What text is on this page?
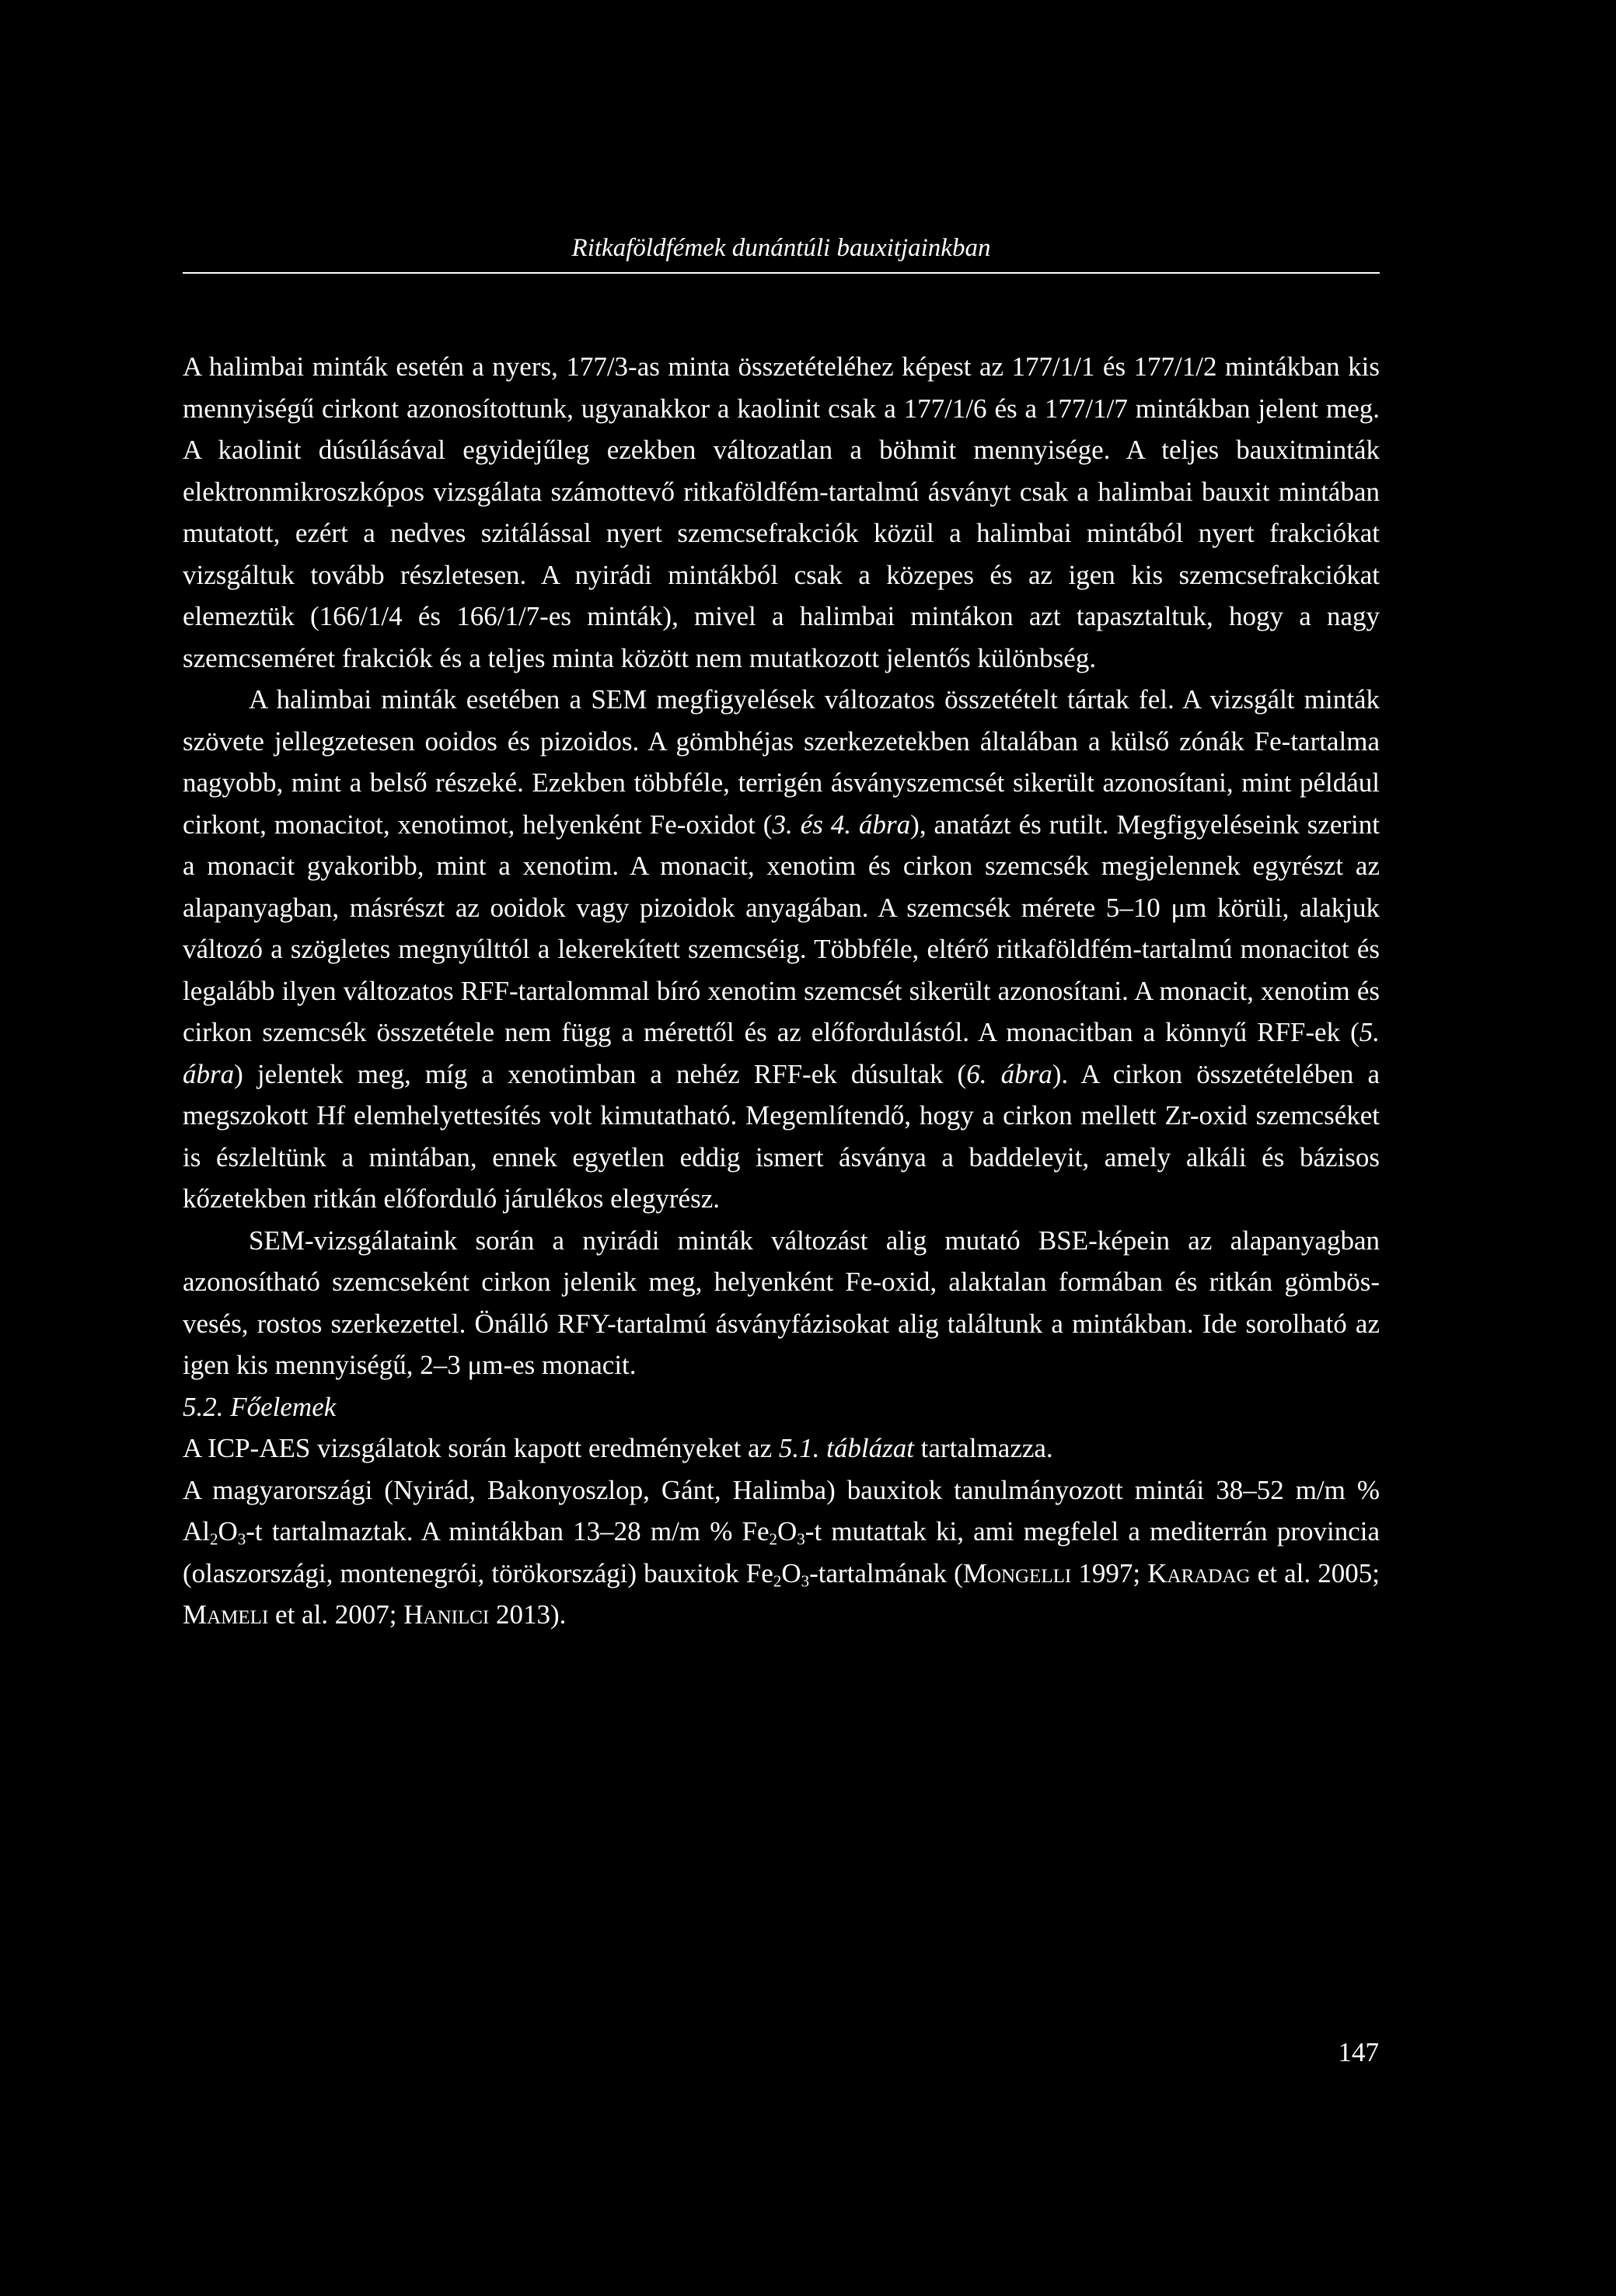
Ritkaföldfémek dunántúli bauxitjainkban

A halimbai minták esetén a nyers, 177/3-as minta összetételéhez képest az 177/1/1 és 177/1/2 mintákban kis mennyiségű cirkont azonosítottunk, ugyanakkor a kaolinit csak a 177/1/6 és a 177/1/7 mintákban jelent meg. A kaolinit dúsúlásával egyidejűleg ezekben változatlan a böhmit mennyisége. A teljes bauxitminták elektronmikroszkópos vizsgálata számottevő ritkaföldfém-tartalmú ásványt csak a halimbai bauxit mintában mutatott, ezért a nedves szitálással nyert szemcsefrakciók közül a halimbai mintából nyert frakciókat vizsgáltuk tovább részletesen. A nyirádi mintákból csak a közepes és az igen kis szemcsefrakciókat elemeztük (166/1/4 és 166/1/7-es minták), mivel a halimbai mintákon azt tapasztaltuk, hogy a nagy szemcseméret frakciók és a teljes minta között nem mutatkozott jelentős különbség.

A halimbai minták esetében a SEM megfigyelések változatos összetételt tártak fel. A vizsgált minták szövete jellegzetesen ooidos és pizoidos. A gömbhéjas szerkezetekben általában a külső zónák Fe-tartalma nagyobb, mint a belső részeké. Ezekben többféle, terrigén ásványszemcsét sikerült azonosítani, mint például cirkont, monacitot, xenotimot, helyenként Fe-oxidot (3. és 4. ábra), anatázt és rutilt. Megfigyeléseink szerint a monacit gyakoribb, mint a xenotim. A monacit, xenotim és cirkon szemcsék megjelennek egyrészt az alapanyagban, másrészt az ooidok vagy pizoidok anyagában. A szemcsék mérete 5–10 μm körüli, alakjuk változó a szögletes megnyúlttól a lekerekített szemcséig. Többféle, eltérő ritkaföldfém-tartalmú monacitot és legalább ilyen változatos RFF-tartalommal bíró xenotim szemcsét sikerült azonosítani. A monacit, xenotim és cirkon szemcsék összetétele nem függ a mérettől és az előfordulástól. A monacitban a könnyű RFF-ek (5. ábra) jelentek meg, míg a xenotimban a nehéz RFF-ek dúsultak (6. ábra). A cirkon összetételében a megszokott Hf elemhelyettesítés volt kimutatható. Megemlítendő, hogy a cirkon mellett Zr-oxid szemcséket is észleltünk a mintában, ennek egyetlen eddig ismert ásványa a baddeleyit, amely alkáli és bázisos kőzetekben ritkán előforduló járulékos elegyrész.

SEM-vizsgálataink során a nyirádi minták változást alig mutató BSE-képein az alapanyagban azonosítható szemcseként cirkon jelenik meg, helyenként Fe-oxid, alaktalan formában és ritkán gömbös-vesés, rostos szerkezettel. Önálló RFY-tartalmú ásványfázisokat alig találtunk a mintákban. Ide sorolható az igen kis mennyiségű, 2–3 μm-es monacit.

5.2. Főelemek

A ICP-AES vizsgálatok során kapott eredményeket az 5.1. táblázat tartalmazza.

A magyarországi (Nyirád, Bakonyoszlop, Gánt, Halimba) bauxitok tanulmányozott mintái 38–52 m/m % $Al_2O_3-t$ tartalmaztak. A mintákban 13–28 m/m % $Fe_2O_3-t$ mutattak ki, ami megfelel a mediterrán provincia (olaszországi, montenegrói, törökországi) bauxitok $Fe_2O_3$-tartalmának (Mongelli 1997; Karadag et al. 2005; Mameli et al. 2007; Hanilci 2013).

147
